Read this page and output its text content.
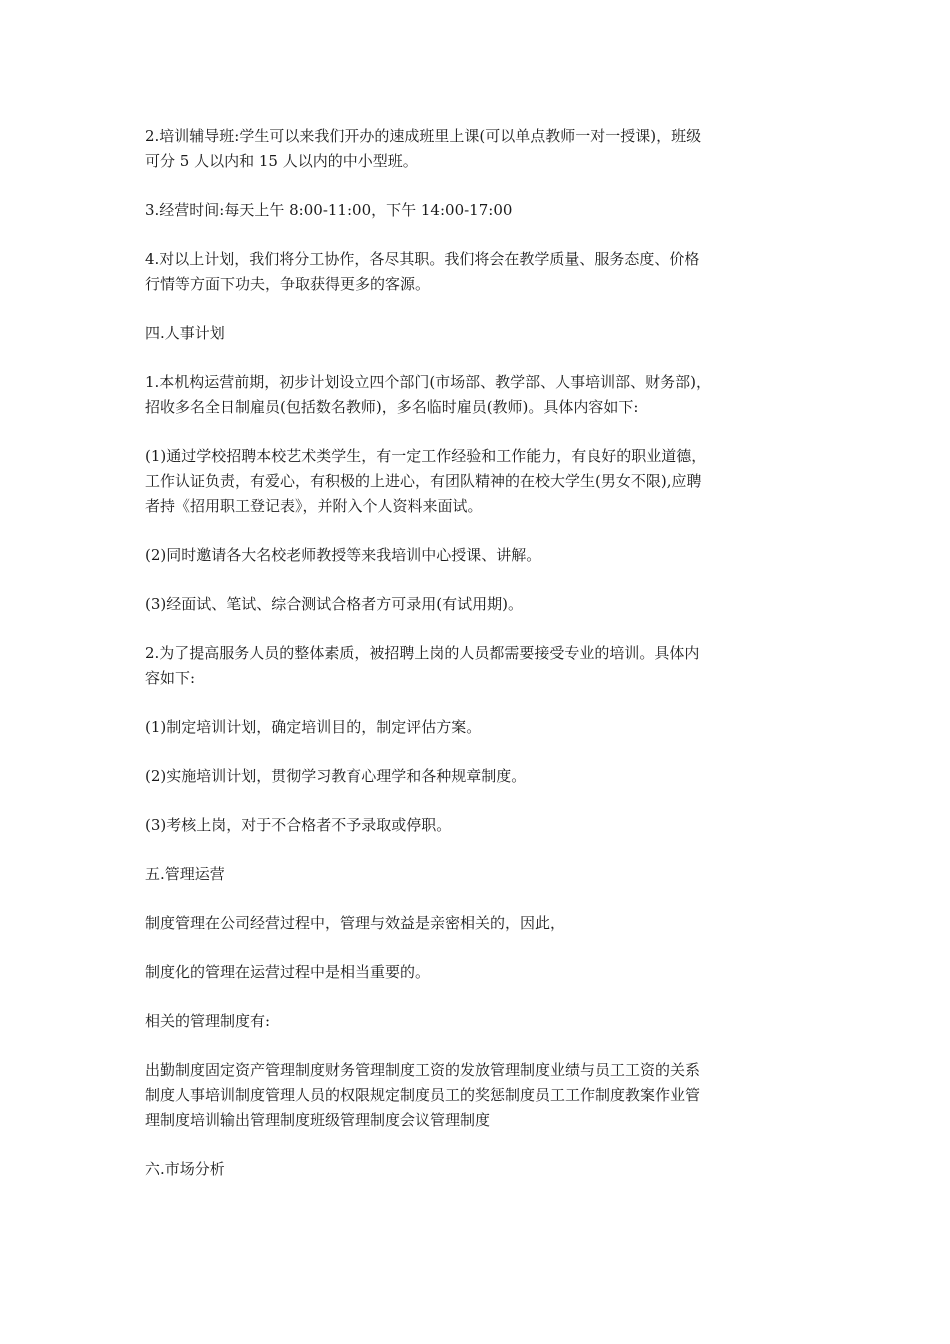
2.培训辅导班:学生可以来我们开办的速成班里上课(可以单点教师一对一授课)，班级
可分 5 人以内和 15 人以内的中小型班。

3.经营时间:每天上午 8:00-11:00，下午 14:00-17:00

4.对以上计划，我们将分工协作，各尽其职。我们将会在教学质量、服务态度、价格
行情等方面下功夫，争取获得更多的客源。

四.人事计划

1.本机构运营前期，初步计划设立四个部门(市场部、教学部、人事培训部、财务部)，
招收多名全日制雇员(包括数名教师)，多名临时雇员(教师)。具体内容如下:

(1)通过学校招聘本校艺术类学生，有一定工作经验和工作能力，有良好的职业道德，
工作认证负责，有爱心，有积极的上进心，有团队精神的在校大学生(男女不限),应聘
者持《招用职工登记表》，并附入个人资料来面试。

(2)同时邀请各大名校老师教授等来我培训中心授课、讲解。

(3)经面试、笔试、综合测试合格者方可录用(有试用期)。

2.为了提高服务人员的整体素质，被招聘上岗的人员都需要接受专业的培训。具体内
容如下:

(1)制定培训计划，确定培训目的，制定评估方案。

(2)实施培训计划，贯彻学习教育心理学和各种规章制度。

(3)考核上岗，对于不合格者不予录取或停职。

五.管理运营

制度管理在公司经营过程中，管理与效益是亲密相关的，因此，

制度化的管理在运营过程中是相当重要的。

相关的管理制度有:

出勤制度固定资产管理制度财务管理制度工资的发放管理制度业绩与员工工资的关系
制度人事培训制度管理人员的权限规定制度员工的奖惩制度员工工作制度教案作业管
理制度培训输出管理制度班级管理制度会议管理制度

六.市场分析
